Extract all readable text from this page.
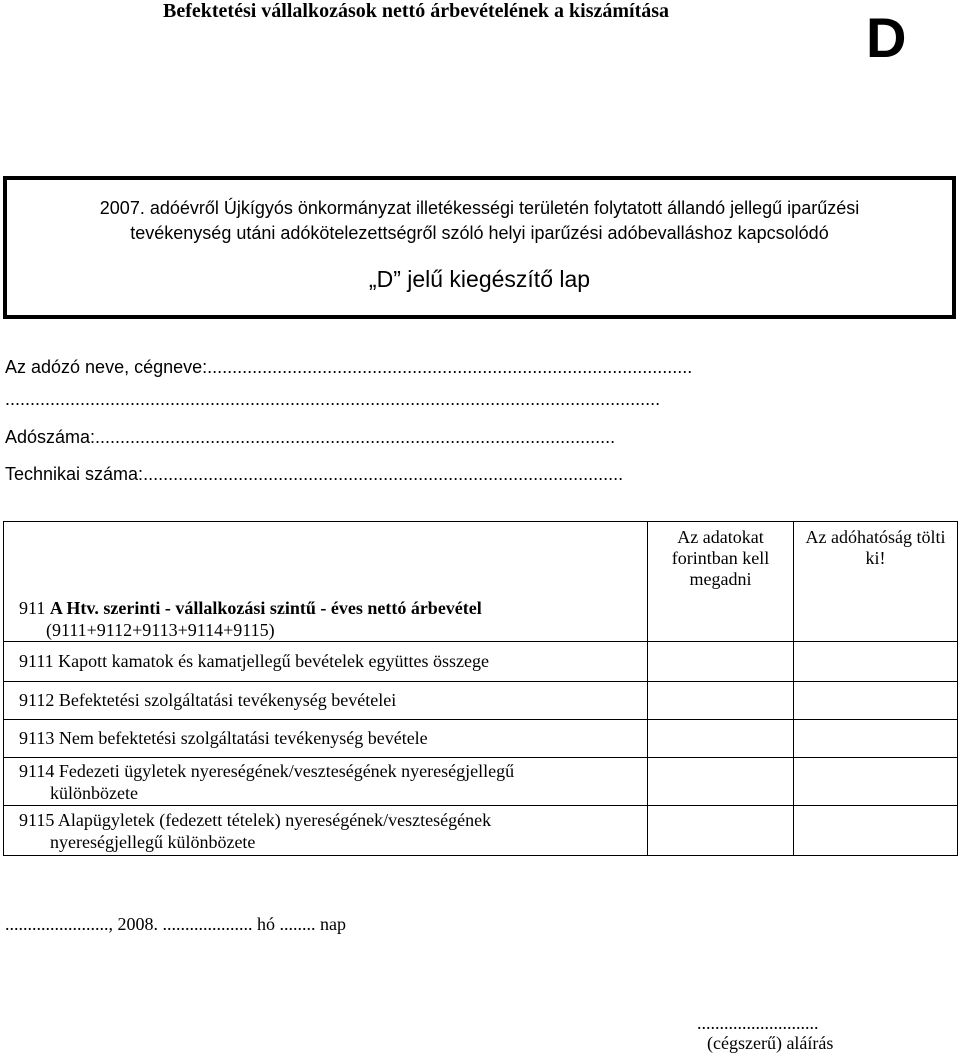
Befektetési vállalkozások nettó árbevételének a kiszámítása	D
2007. adóévről Újkígyós önkormányzat illetékességi területén folytatott állandó jellegű iparűzési
tevékenység utáni adókötelezettségről szóló helyi iparűzési adóbevalláshoz kapcsolódó
„D” jelű kiegészítő lap
Az adózó neve, cégneve:.................................................................................................
...................................................................................................................................
Adószáma:........................................................................................................
Technikai száma:................................................................................................
911 A Htv. szerinti - vállalkozási szintű - éves nettó árbevétel
(9111+9112+9113+9114+9115)	Az adatokat forintban kell megadni	Az adóhatóság tölti ki!

9111 Kapott kamatok és kamatjellegű bevételek együttes összege		
9112 Befektetési szolgáltatási tevékenység bevételei		
9113 Nem befektetési szolgáltatási tevékenység bevétele		

9114 Fedezeti ügyletek nyereségének/veszteségének nyereségjellegű
különbözete		

9115 Alapügyletek (fedezett tételek) nyereségének/veszteségének
nyereségjellegű különbözete		

......................., 2008. .................... hó ........ nap
...........................
(cégszerű) aláírás
